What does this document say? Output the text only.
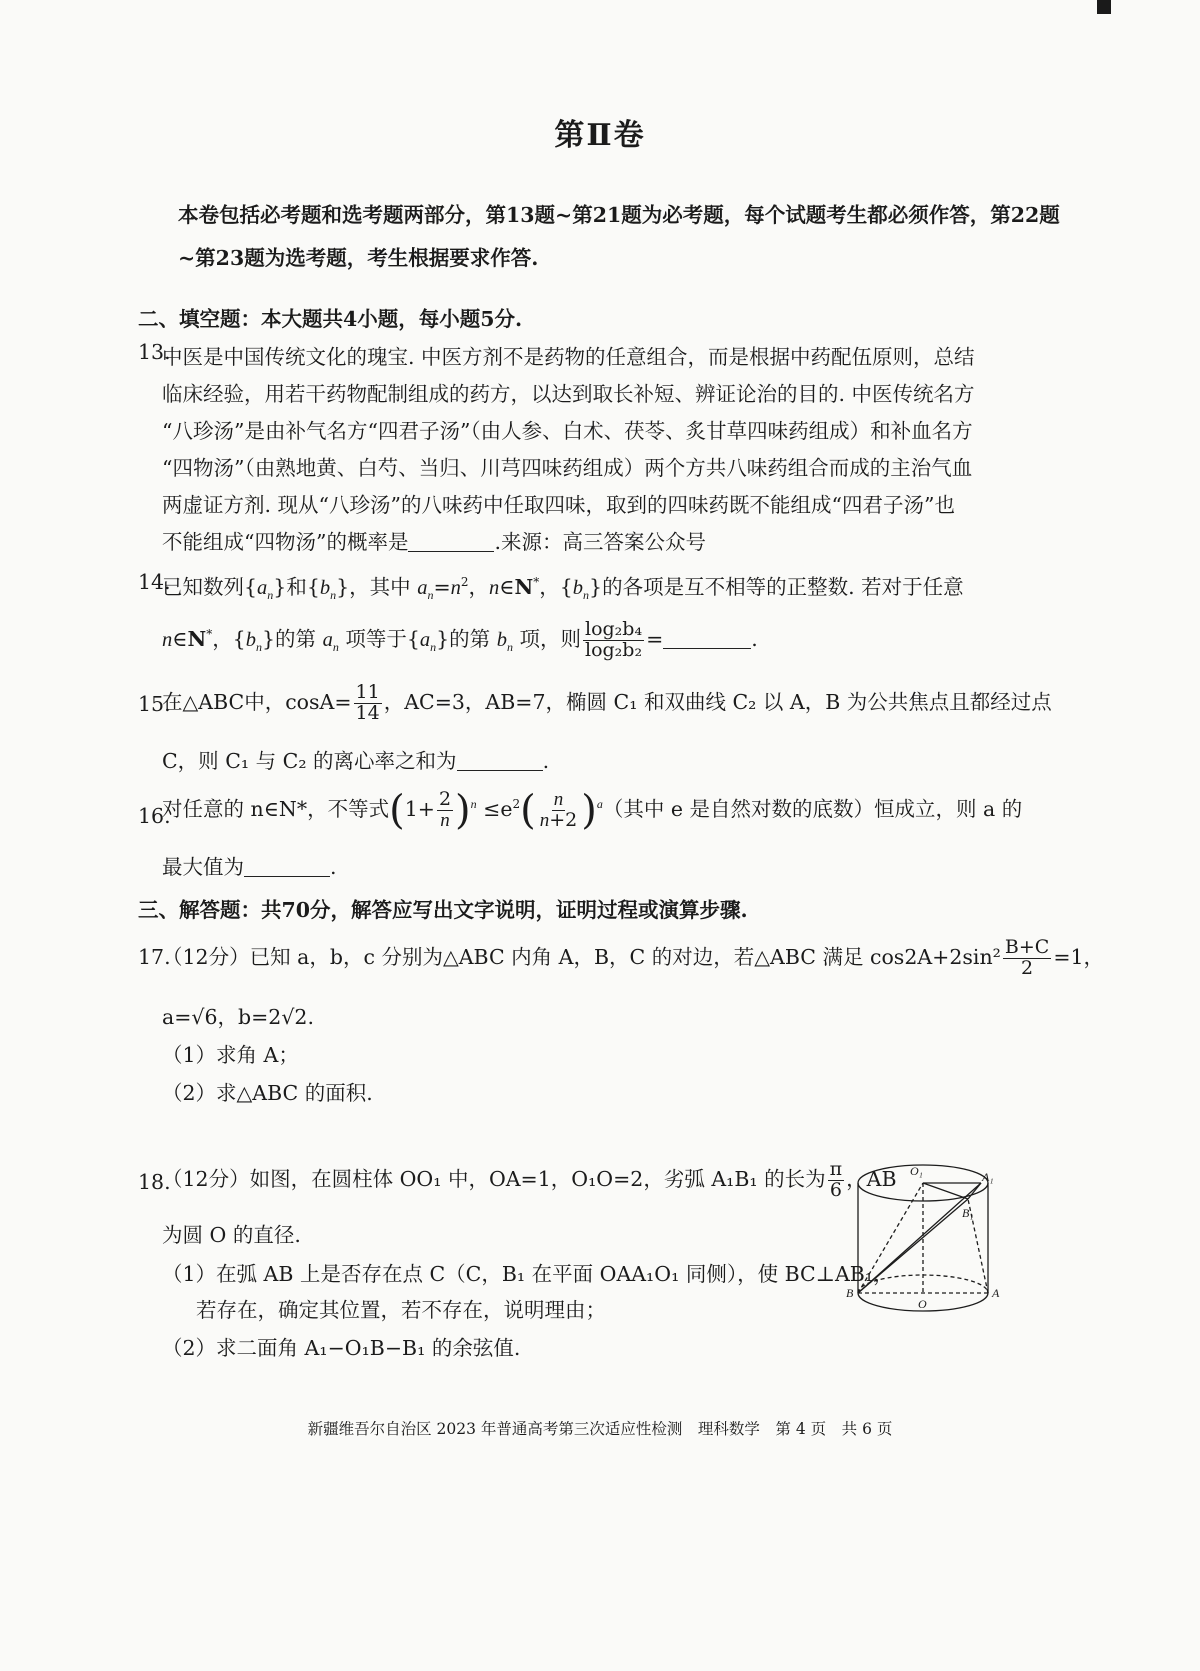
第Ⅱ卷
本卷包括必考题和选考题两部分，第13题~第21题为必考题，每个试题考生都必须作答，第22题~第23题为选考题，考生根据要求作答.
二、填空题：本大题共4小题，每小题5分.
13.
中医是中国传统文化的瑰宝. 中医方剂不是药物的任意组合，而是根据中药配伍原则，总结
临床经验，用若干药物配制组成的药方，以达到取长补短、辨证论治的目的. 中医传统名方
“八珍汤”是由补气名方“四君子汤”（由人参、白术、茯苓、炙甘草四味药组成）和补血名方
“四物汤”（由熟地黄、白芍、当归、川芎四味药组成）两个方共八味药组合而成的主治气血
两虚证方剂. 现从“八珍汤”的八味药中任取四味，取到的四味药既不能组成“四君子汤”也
不能组成“四物汤”的概率是	.来源：高三答案公众号
14.
已知数列$\{a_n\}$和$\{b_n\}$，其中 $a_n=n^2$，n∈N*，$\{b_n\}$的各项是互不相等的正整数. 若对于任意
n∈N*，$\{b_n\}$的第 $a_n$ 项等于$\{a_n\}$的第 $b_n$ 项，则 $\frac{\text{log₂b₄}}{\text{log₂b₂}}$ =	.
15.
在△ABC中，$\cos A= \frac{11}{14}$ ，AC=3，AB=7，椭圆 C₁ 和双曲线 C₂ 以 A，B 为公共焦点且都经过点
C，则 C₁ 与 C₂ 的离心率之和为	.
16.
对任意的 n∈N*，不等式$(1+ \frac{2}{n} )^n \le e^2( \frac{n}{n+2} )^a$（其中 e 是自然对数的底数）恒成立，则 a 的
最大值为	.
三、解答题：共70分，解答应写出文字说明，证明过程或演算步骤.
17.
（12分）已知 a，b，c 分别为△ABC 内角 A，B，C 的对边，若△ABC 满足 $\cos 2A+2\sin^2 \frac{B+C}{2} =1$，
a=√6，b=2√2.
（1）求角 A；
（2）求△ABC 的面积.
18.
（12分）如图，在圆柱体 OO₁ 中，OA=1，O₁O=2，劣弧 A₁B₁ 的长为 $\frac{\pi}{6}$ ，AB
为圆 O 的直径.
（1）在弧 AB 上是否存在点 C（C，B₁ 在平面 OAA₁O₁ 同侧），使 BC⊥AB₁，
若存在，确定其位置，若不存在，说明理由；
（2）求二面角 A₁−O₁B−B₁ 的余弦值.
O₁	A₁
B₁
B
O
A
新疆维吾尔自治区 2023 年普通高考第三次适应性检测　理科数学　第 4 页　共 6 页
